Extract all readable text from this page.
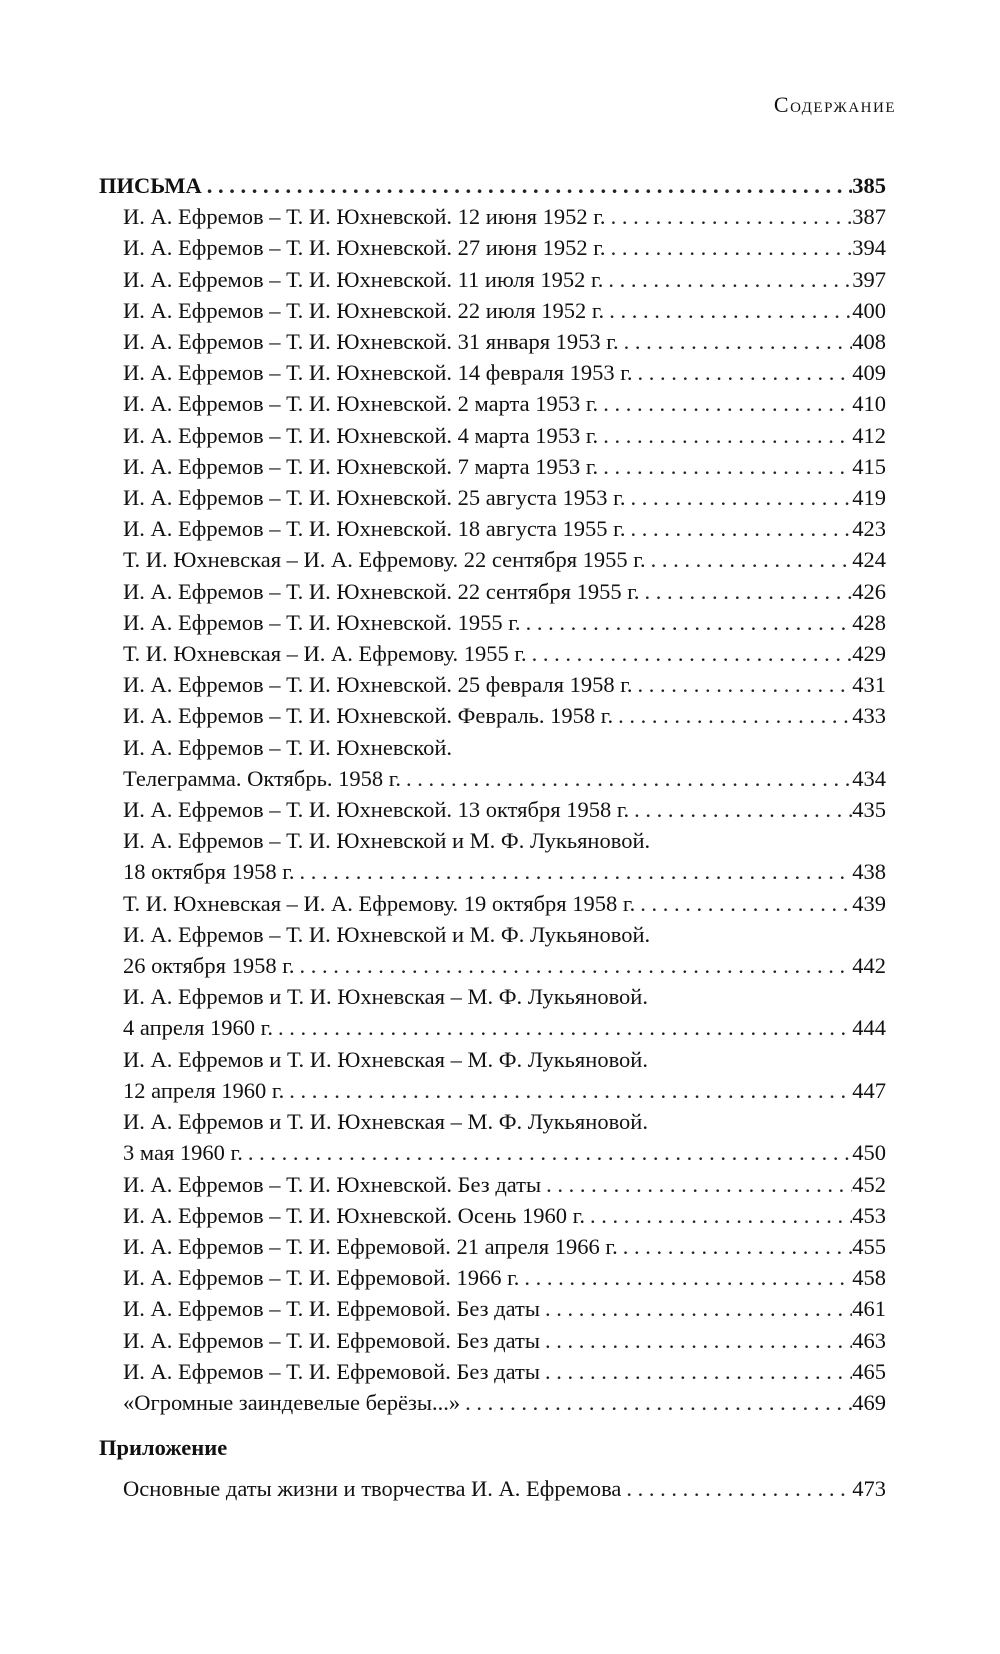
Содержание
ПИСЬМА . . .	385
И. А. Ефремов – Т. И. Юхневской. 12 июня 1952 г. . . .	387
И. А. Ефремов – Т. И. Юхневской. 27 июня 1952 г. . . .	394
И. А. Ефремов – Т. И. Юхневской. 11 июля 1952 г. . . .	397
И. А. Ефремов – Т. И. Юхневской. 22 июля 1952 г. . . .	400
И. А. Ефремов – Т. И. Юхневской. 31 января 1953 г. . . .	408
И. А. Ефремов – Т. И. Юхневской. 14 февраля 1953 г. . . .	409
И. А. Ефремов – Т. И. Юхневской. 2 марта 1953 г. . . .	410
И. А. Ефремов – Т. И. Юхневской. 4 марта 1953 г. . . .	412
И. А. Ефремов – Т. И. Юхневской. 7 марта 1953 г. . . .	415
И. А. Ефремов – Т. И. Юхневской. 25 августа 1953 г. . . .	419
И. А. Ефремов – Т. И. Юхневской. 18 августа 1955 г. . . .	423
Т. И. Юхневская – И. А. Ефремову. 22 сентября 1955 г. . . .	424
И. А. Ефремов – Т. И. Юхневской. 22 сентября 1955 г. . . .	426
И. А. Ефремов – Т. И. Юхневской. 1955 г. . . .	428
Т. И. Юхневская – И. А. Ефремову. 1955 г. . . .	429
И. А. Ефремов – Т. И. Юхневской. 25 февраля 1958 г. . . .	431
И. А. Ефремов – Т. И. Юхневской. Февраль. 1958 г. . . .	433
И. А. Ефремов – Т. И. Юхневской.
Телеграмма. Октябрь. 1958 г. . . .	434
И. А. Ефремов – Т. И. Юхневской. 13 октября 1958 г. . . .	435
И. А. Ефремов – Т. И. Юхневской и М. Ф. Лукьяновой.
18 октября 1958 г. . . .	438
Т. И. Юхневская – И. А. Ефремову. 19 октября 1958 г. . . .	439
И. А. Ефремов – Т. И. Юхневской и М. Ф. Лукьяновой.
26 октября 1958 г. . . .	442
И. А. Ефремов и Т. И. Юхневская – М. Ф. Лукьяновой.
4 апреля 1960 г. . . .	444
И. А. Ефремов и Т. И. Юхневская – М. Ф. Лукьяновой.
12 апреля 1960 г. . . .	447
И. А. Ефремов и Т. И. Юхневская – М. Ф. Лукьяновой.
3 мая 1960 г. . . .	450
И. А. Ефремов – Т. И. Юхневской. Без даты . . .	452
И. А. Ефремов – Т. И. Юхневской. Осень 1960 г. . . .	453
И. А. Ефремов – Т. И. Ефремовой. 21 апреля 1966 г. . . .	455
И. А. Ефремов – Т. И. Ефремовой. 1966 г. . . .	458
И. А. Ефремов – Т. И. Ефремовой. Без даты . . .	461
И. А. Ефремов – Т. И. Ефремовой. Без даты . . .	463
И. А. Ефремов – Т. И. Ефремовой. Без даты . . .	465
«Огромные заиндевелые берёзы...» . . .	469
Приложение
Основные даты жизни и творчества И. А. Ефремова . . .	473
